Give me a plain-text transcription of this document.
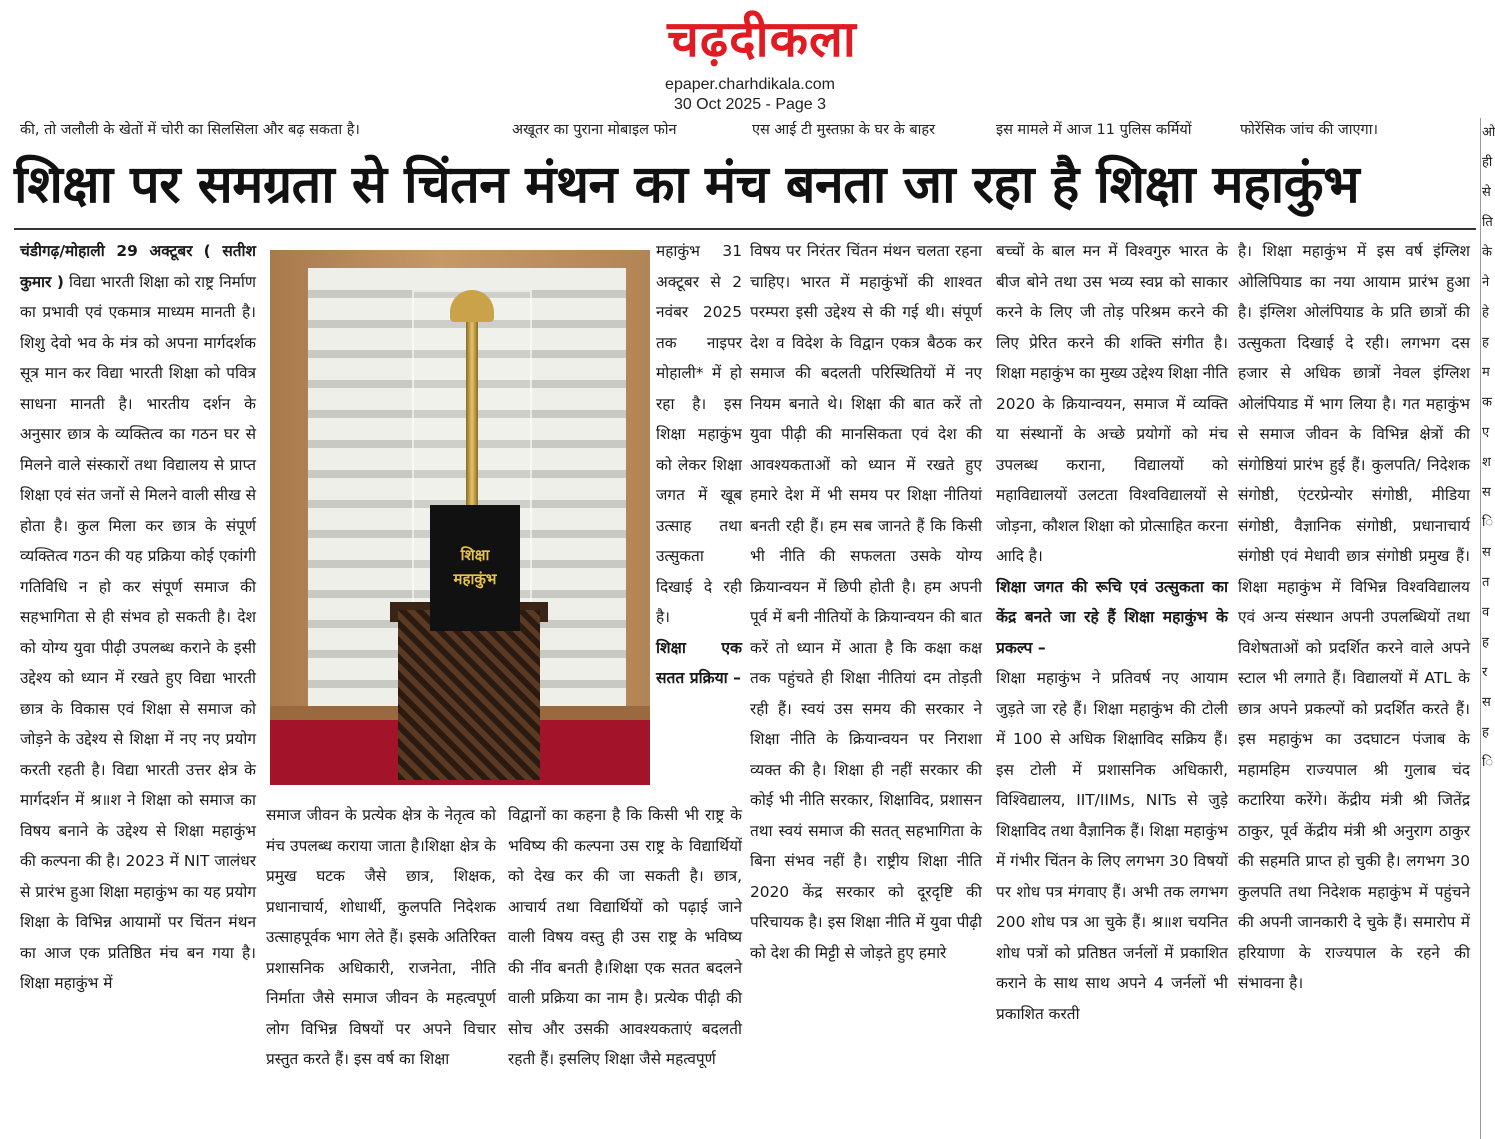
चढ़दीकला
epaper.charhdikala.com
30 Oct 2025 - Page 3
की, तो जलौली के खेतों में चोरी का सिलसिला और बढ़ सकता है।	अखूतर का पुराना मोबाइल फोन	एस आई टी मुस्तफ़ा के घर के बाहर	इस मामले में आज 11 पुलिस कर्मियों	फोरेंसिक जांच की जाएगा।
शिक्षा पर समग्रता से चिंतन मंथन का मंच बनता जा रहा है शिक्षा महाकुंभ

चंडीगढ़/मोहाली 29 अक्टूबर ( सतीश कुमार ) विद्या भारती शिक्षा को राष्ट्र निर्माण का प्रभावी एवं एकमात्र माध्यम मानती है।शिशु देवो भव के मंत्र को अपना मार्गदर्शक सूत्र मान कर विद्या भारती शिक्षा को पवित्र साधना मानती है। भारतीय दर्शन के अनुसार छात्र के व्यक्तित्व का गठन घर से मिलने वाले संस्कारों तथा विद्यालय से प्राप्त शिक्षा एवं संत जनों से मिलने वाली सीख से होता है। कुल मिला कर छात्र के संपूर्ण व्यक्तित्व गठन की यह प्रक्रिया कोई एकांगी गतिविधि न हो कर संपूर्ण समाज की सहभागिता से ही संभव हो सकती है। देश को योग्य युवा पीढ़ी उपलब्ध कराने के इसी उद्देश्य को ध्यान में रखते हुए विद्या भारती छात्र के विकास एवं शिक्षा से समाज को जोड़ने के उद्देश्य से शिक्षा में नए नए प्रयोग करती रहती है। विद्या भारती उत्तर क्षेत्र के मार्गदर्शन में श्र॥श ने शिक्षा को समाज का विषय बनाने के उद्देश्य से शिक्षा महाकुंभ की कल्पना की है। 2023 में NIT जालंधर से प्रारंभ हुआ शिक्षा महाकुंभ का यह प्रयोग शिक्षा के विभिन्न आयामों पर चिंतन मंथन का आज एक प्रतिष्ठित मंच बन गया है। शिक्षा महाकुंभ में

शिक्षा
महाकुंभ

समाज जीवन के प्रत्येक क्षेत्र के नेतृत्व को मंच उपलब्ध कराया जाता है।शिक्षा क्षेत्र के प्रमुख घटक जैसे छात्र, शिक्षक, प्रधानाचार्य, शोधार्थी, कुलपति निदेशक उत्साहपूर्वक भाग लेते हैं। इसके अतिरिक्त प्रशासनिक अधिकारी, राजनेता, नीति निर्माता जैसे समाज जीवन के महत्वपूर्ण लोग विभिन्न विषयों पर अपने विचार प्रस्तुत करते हैं। इस वर्ष का शिक्षा

महाकुंभ 31 अक्टूबर से 2 नवंबर 2025 तक नाइपर मोहाली* में हो रहा है। इस शिक्षा महाकुंभ को लेकर शिक्षा जगत में खूब उत्साह तथा उत्सुकता दिखाई दे रही है।

शिक्षा एक सतत प्रक्रिया –

विद्वानों का कहना है कि किसी भी राष्ट्र के भविष्य की कल्पना उस राष्ट्र के विद्यार्थियों को देख कर की जा सकती है। छात्र, आचार्य तथा विद्यार्थियों को पढ़ाई जाने वाली विषय वस्तु ही उस राष्ट्र के भविष्य की नींव बनती है।शिक्षा एक सतत बदलने वाली प्रक्रिया का नाम है। प्रत्येक पीढ़ी की सोच और उसकी आवश्यकताएं बदलती रहती हैं। इसलिए शिक्षा जैसे महत्वपूर्ण

विषय पर निरंतर चिंतन मंथन चलता रहना चाहिए। भारत में महाकुंभों की शाश्वत परम्परा इसी उद्देश्य से की गई थी। संपूर्ण देश व विदेश के विद्वान एकत्र बैठक कर समाज की बदलती परिस्थितियों में नए नियम बनाते थे। शिक्षा की बात करें तो युवा पीढ़ी की मानसिकता एवं देश की आवश्यकताओं को ध्यान में रखते हुए हमारे देश में भी समय पर शिक्षा नीतियां बनती रही हैं। हम सब जानते हैं कि किसी भी नीति की सफलता उसके योग्य क्रियान्वयन में छिपी होती है। हम अपनी पूर्व में बनी नीतियों के क्रियान्वयन की बात करें तो ध्यान में आता है कि कक्षा कक्ष तक पहुंचते ही शिक्षा नीतियां दम तोड़ती रही हैं। स्वयं उस समय की सरकार ने शिक्षा नीति के क्रियान्वयन पर निराशा व्यक्त की है। शिक्षा ही नहीं सरकार की कोई भी नीति सरकार, शिक्षाविद, प्रशासन तथा स्वयं समाज की सतत् सहभागिता के बिना संभव नहीं है। राष्ट्रीय शिक्षा नीति 2020 केंद्र सरकार को दूरदृष्टि की परिचायक है। इस शिक्षा नीति में युवा पीढ़ी को देश की मिट्टी से जोड़ते हुए हमारे

बच्चों के बाल मन में विश्वगुरु भारत के बीज बोने तथा उस भव्य स्वप्न को साकार करने के लिए जी तोड़ परिश्रम करने की लिए प्रेरित करने की शक्ति संगीत है। शिक्षा महाकुंभ का मुख्य उद्देश्य शिक्षा नीति 2020 के क्रियान्वयन, समाज में व्यक्ति या संस्थानों के अच्छे प्रयोगों को मंच उपलब्ध कराना, विद्यालयों को महाविद्यालयों उलटता विश्वविद्यालयों से जोड़ना, कौशल शिक्षा को प्रोत्साहित करना आदि है।

शिक्षा जगत की रूचि एवं उत्सुकता का केंद्र बनते जा रहे हैं शिक्षा महाकुंभ के प्रकल्प –

शिक्षा महाकुंभ ने प्रतिवर्ष नए आयाम जुड़ते जा रहे हैं। शिक्षा महाकुंभ की टोली में 100 से अधिक शिक्षाविद सक्रिय हैं। इस टोली में प्रशासनिक अधिकारी, विश्विद्यालय, IIT/IIMs, NITs से जुड़े शिक्षाविद तथा वैज्ञानिक हैं। शिक्षा महाकुंभ में गंभीर चिंतन के लिए लगभग 30 विषयों पर शोध पत्र मंगवाए हैं। अभी तक लगभग 200 शोध पत्र आ चुके हैं। श्र॥श चयनित शोध पत्रों को प्रतिष्ठत जर्नलों में प्रकाशित कराने के साथ साथ अपने 4 जर्नलों भी प्रकाशित करती

है। शिक्षा महाकुंभ में इस वर्ष इंग्लिश ओलिपियाड का नया आयाम प्रारंभ हुआ है। इंग्लिश ओलंपियाड के प्रति छात्रों की उत्सुकता दिखाई दे रही। लगभग दस हजार से अधिक छात्रों नेवल इंग्लिश ओलंपियाड में भाग लिया है। गत महाकुंभ से समाज जीवन के विभिन्न क्षेत्रों की संगोष्ठियां प्रारंभ हुई हैं। कुलपति/ निदेशक संगोष्ठी, एंटरप्रेन्योर संगोष्ठी, मीडिया संगोष्ठी, वैज्ञानिक संगोष्ठी, प्रधानाचार्य संगोष्ठी एवं मेधावी छात्र संगोष्ठी प्रमुख हैं। शिक्षा महाकुंभ में विभिन्न विश्वविद्यालय एवं अन्य संस्थान अपनी उपलब्धियों तथा विशेषताओं को प्रदर्शित करने वाले अपने स्टाल भी लगाते हैं। विद्यालयों में ATL के छात्र अपने प्रकल्पों को प्रदर्शित करते हैं। इस महाकुंभ का उदघाटन पंजाब के महामहिम राज्यपाल श्री गुलाब चंद कटारिया करेंगे। केंद्रीय मंत्री श्री जितेंद्र ठाकुर, पूर्व केंद्रीय मंत्री श्री अनुराग ठाकुर की सहमति प्राप्त हो चुकी है। लगभग 30 कुलपति तथा निदेशक महाकुंभ में पहुंचने की अपनी जानकारी दे चुके हैं। समारोप में हरियाणा के राज्यपाल के रहने की संभावना है।

ओ ही से ति के ने हे ह म क ए श स ि स त व ह र स ह ि
